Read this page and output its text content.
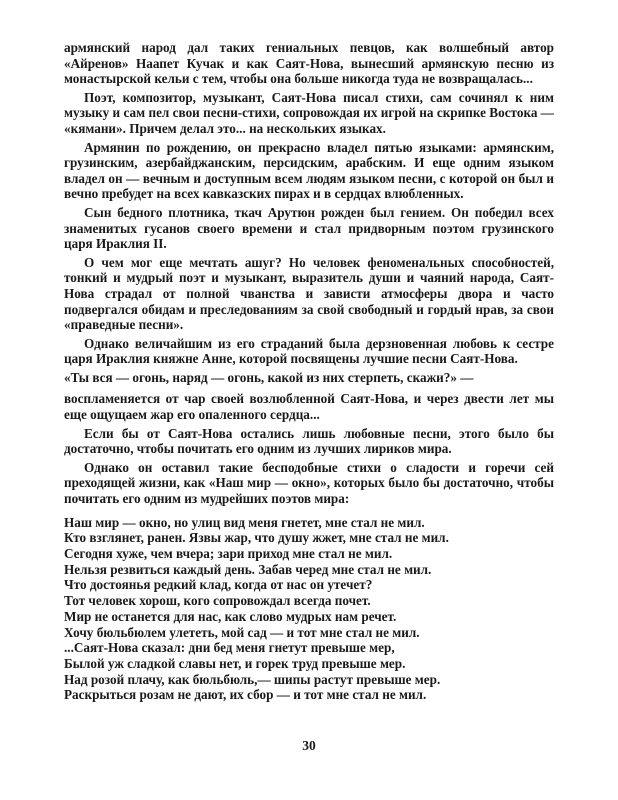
армянский народ дал таких гениальных певцов, как волшебный автор «Айренов» Наапет Кучак и как Саят-Нова, вынесший армянскую песню из монастырской кельи с тем, чтобы она больше никогда туда не возвращалась...

Поэт, композитор, музыкант, Саят-Нова писал стихи, сам сочинял к ним музыку и сам пел свои песни-стихи, сопровождая их игрой на скрипке Востока — «кямани». Причем делал это... на нескольких языках.

Армянин по рождению, он прекрасно владел пятью языками: армянским, грузинским, азербайджанским, персидским, арабским. И еще одним языком владел он — вечным и доступным всем людям языком песни, с которой он был и вечно пребудет на всех кавказских пирах и в сердцах влюбленных.

Сын бедного плотника, ткач Арутюн рожден был гением. Он победил всех знаменитых гусанов своего времени и стал придворным поэтом грузинского царя Ираклия II.

О чем мог еще мечтать ашуг? Но человек феноменальных способностей, тонкий и мудрый поэт и музыкант, выразитель души и чаяний народа, Саят-Нова страдал от полной чванства и зависти атмосферы двора и часто подвергался обидам и преследованиям за свой свободный и гордый нрав, за свои «праведные песни».

Однако величайшим из его страданий была дерзновенная любовь к сестре царя Ираклия княжне Анне, которой посвящены лучшие песни Саят-Нова.

«Ты вся — огонь, наряд — огонь, какой из них стерпеть, скажи?» —

воспламеняется от чар своей возлюбленной Саят-Нова, и через двести лет мы еще ощущаем жар его опаленного сердца...

Если бы от Саят-Нова остались лишь любовные песни, этого было бы достаточно, чтобы почитать его одним из лучших лириков мира.

Однако он оставил такие бесподобные стихи о сладости и горечи сей преходящей жизни, как «Наш мир — окно», которых было бы достаточно, чтобы почитать его одним из мудрейших поэтов мира:

Наш мир — окно, но улиц вид меня гнетет, мне стал не мил.
Кто взглянет, ранен. Язвы жар, что душу жжет, мне стал не мил.
Сегодня хуже, чем вчера; зари приход мне стал не мил.
Нельзя резвиться каждый день. Забав черед мне стал не мил.
Что достоянья редкий клад, когда от нас он утечет?
Тот человек хорош, кого сопровождал всегда почет.
Мир не останется для нас, как слово мудрых нам речет.
Хочу бюльбюлем улететь, мой сад — и тот мне стал не мил.
...Саят-Нова сказал: дни бед меня гнетут превыше мер,
Былой уж сладкой славы нет, и горек труд превыше мер.
Над розой плачу, как бюльбюль,— шипы растут превыше мер.
Раскрыться розам не дают, их сбор — и тот мне стал не мил.
30
